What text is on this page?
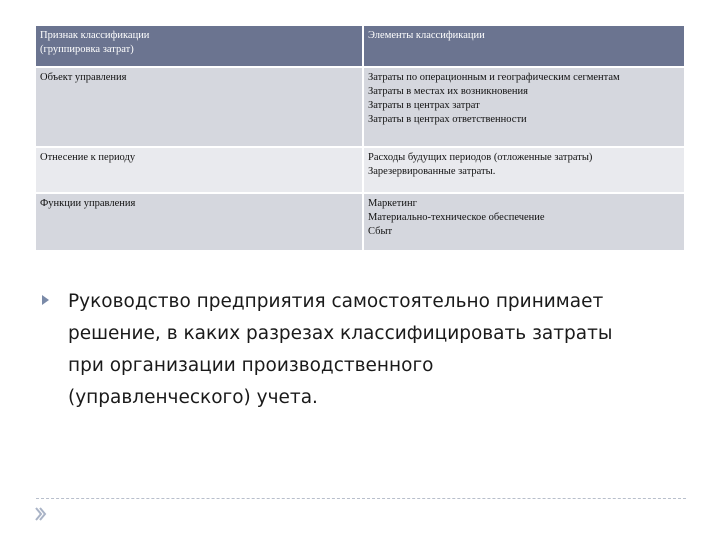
Признак классификации
(группировка затрат)	Элементы классификации

Объект управления	Затраты по операционным и географическим сегментам
Затраты в местах их возникновения
Затраты в центрах затрат
Затраты в центрах ответственности

Отнесение к периоду	Расходы будущих периодов (отложенные затраты)
Зарезервированные затраты.

Функции управления	Маркетинг
Материально-техническое обеспечение
Сбыт
Руководство предприятия самостоятельно принимает
решение, в каких разрезах классифицировать затраты
при организации производственного
(управленческого) учета.
